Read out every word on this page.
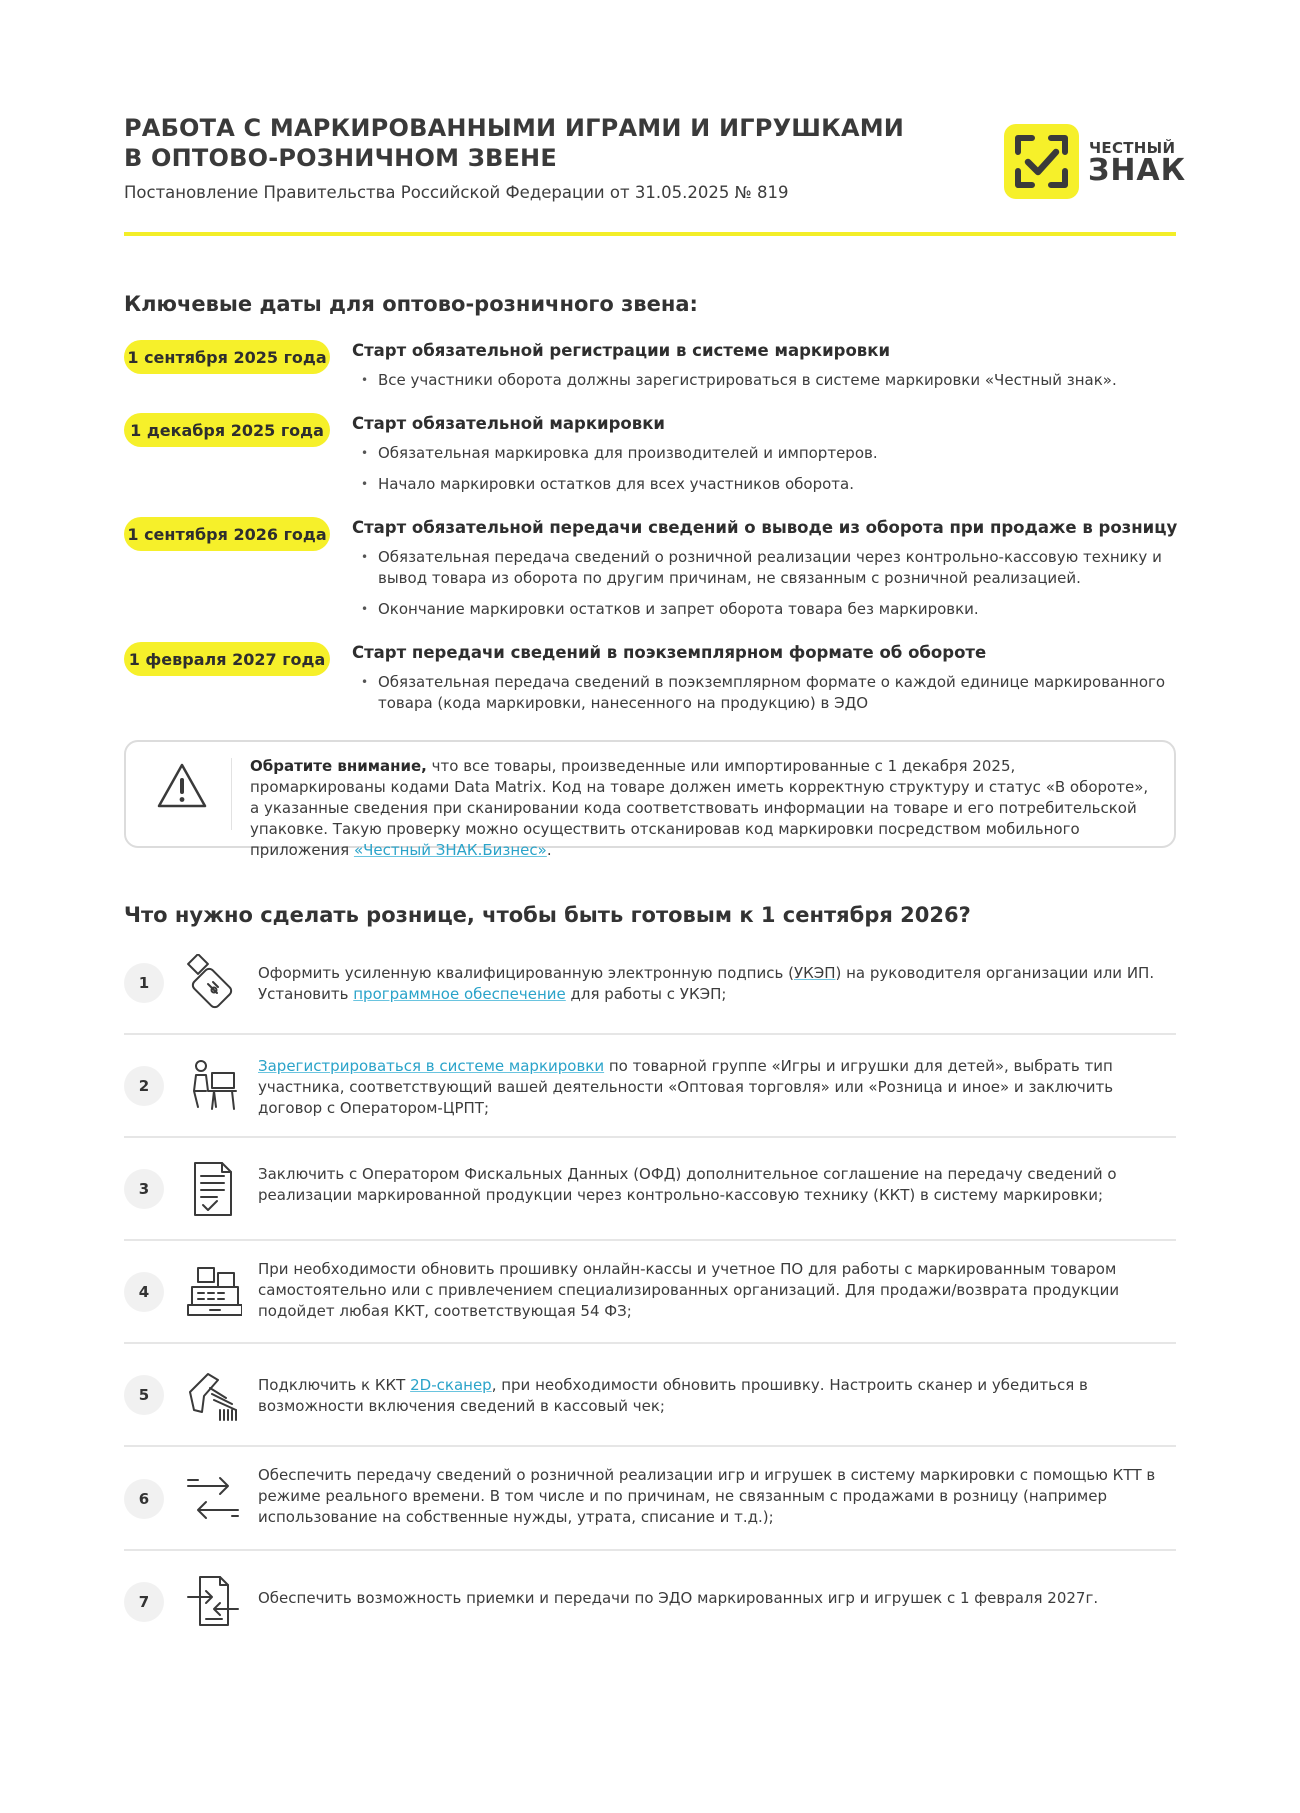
РАБОТА С МАРКИРОВАННЫМИ ИГРАМИ И ИГРУШКАМИ
В ОПТОВО-РОЗНИЧНОМ ЗВЕНЕ
Постановление Правительства Российской Федерации от 31.05.2025 № 819
ЧЕСТНЫЙ
ЗНАК
Ключевые даты для оптово-розничного звена:
1 сентября 2025 года Старт обязательной регистрации в системе маркировки
• Все участники оборота должны зарегистрироваться в системе маркировки «Честный знак».
1 декабря 2025 года	Старт обязательной маркировки
• Обязательная маркировка для производителей и импортеров.
• Начало маркировки остатков для всех участников оборота.
1 сентября 2026 года Старт обязательной передачи сведений о выводе из оборота при продаже в розницу
• Обязательная передача сведений о розничной реализации через контрольно-кассовую технику и вывод товара из оборота по другим причинам, не связанным с розничной реализацией.
• Окончание маркировки остатков и запрет оборота товара без маркировки.
1 февраля 2027 года Старт передачи сведений в поэкземплярном формате об обороте
• Обязательная передача сведений в поэкземплярном формате о каждой единице маркированного товара (кода маркировки, нанесенного на продукцию) в ЭДО
Обратите внимание, что все товары, произведенные или импортированные с 1 декабря 2025, промаркированы кодами Data Matrix. Код на товаре должен иметь корректную структуру и статус «В обороте», а указанные сведения при сканировании кода соответствовать информации на товаре и его потребительской упаковке. Такую проверку можно осуществить отсканировав код маркировки посредством мобильного приложения «Честный ЗНАК.Бизнес».
Что нужно сделать рознице, чтобы быть готовым к 1 сентября 2026?
1
Оформить усиленную квалифицированную электронную подпись (УКЭП) на руководителя организации или ИП. Установить программное обеспечение для работы с УКЭП;
2
Зарегистрироваться в системе маркировки по товарной группе «Игры и игрушки для детей», выбрать тип участника, соответствующий вашей деятельности «Оптовая торговля» или «Розница и иное» и заключить договор с Оператором-ЦРПТ;
3
Заключить с Оператором Фискальных Данных (ОФД) дополнительное соглашение на передачу сведений о реализации маркированной продукции через контрольно-кассовую технику (ККТ) в систему маркировки;
4
При необходимости обновить прошивку онлайн-кассы и учетное ПО для работы с маркированным товаром самостоятельно или с привлечением специализированных организаций. Для продажи/возврата продукции подойдет любая ККТ, соответствующая 54 ФЗ;
5
Подключить к ККТ 2D-сканер, при необходимости обновить прошивку. Настроить сканер и убедиться в возможности включения сведений в кассовый чек;
6
Обеспечить передачу сведений о розничной реализации игр и игрушек в систему маркировки с помощью КТТ в режиме реального времени. В том числе и по причинам, не связанным с продажами в розницу (например использование на собственные нужды, утрата, списание и т.д.);
7	Обеспечить возможность приемки и передачи по ЭДО маркированных игр и игрушек с 1 февраля 2027г.
